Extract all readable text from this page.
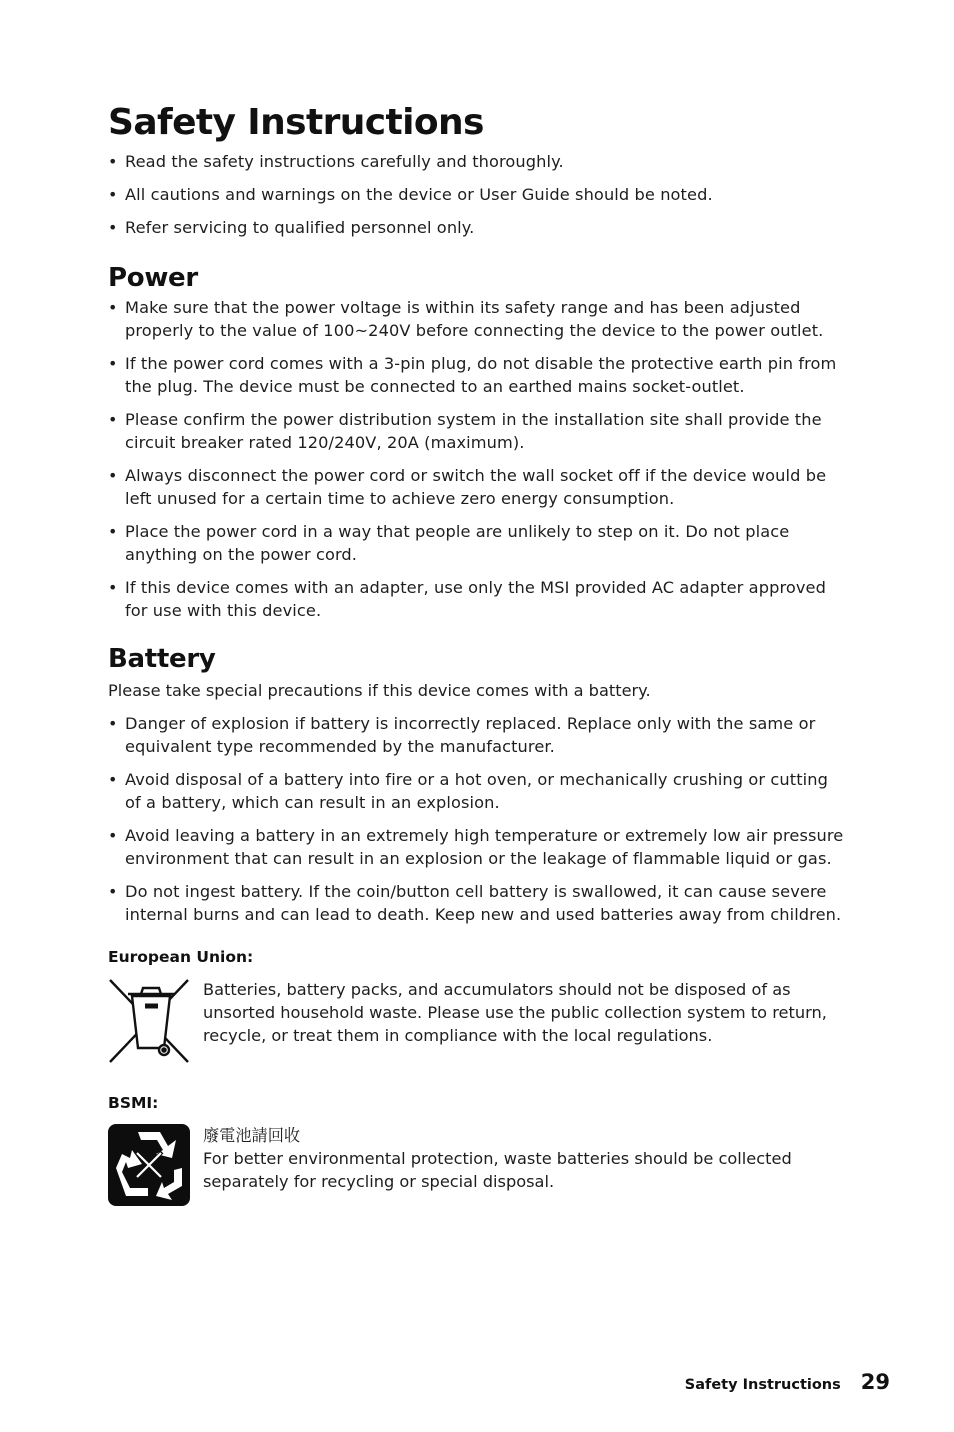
Safety Instructions
• Read the safety instructions carefully and thoroughly.
• All cautions and warnings on the device or User Guide should be noted.
• Refer servicing to qualified personnel only.
Power
• Make sure that the power voltage is within its safety range and has been adjusted properly to the value of 100~240V before connecting the device to the power outlet.
• If the power cord comes with a 3-pin plug, do not disable the protective earth pin from the plug. The device must be connected to an earthed mains socket-outlet.
• Please confirm the power distribution system in the installation site shall provide the circuit breaker rated 120/240V, 20A (maximum).
• Always disconnect the power cord or switch the wall socket off if the device would be left unused for a certain time to achieve zero energy consumption.
• Place the power cord in a way that people are unlikely to step on it. Do not place anything on the power cord.
• If this device comes with an adapter, use only the MSI provided AC adapter approved for use with this device.
Battery

Please take special precautions if this device comes with a battery.

• Danger of explosion if battery is incorrectly replaced. Replace only with the same or equivalent type recommended by the manufacturer.
• Avoid disposal of a battery into fire or a hot oven, or mechanically crushing or cutting of a battery, which can result in an explosion.
• Avoid leaving a battery in an extremely high temperature or extremely low air pressure environment that can result in an explosion or the leakage of flammable liquid or gas.
• Do not ingest battery. If the coin/button cell battery is swallowed, it can cause severe internal burns and can lead to death. Keep new and used batteries away from children.
European Union:

Batteries, battery packs, and accumulators should not be disposed of as unsorted household waste. Please use the public collection system to return, recycle, or treat them in compliance with the local regulations.

BSMI:

廢電池請回收

For better environmental protection, waste batteries should be collected separately for recycling or special disposal.

Safety Instructions 29
